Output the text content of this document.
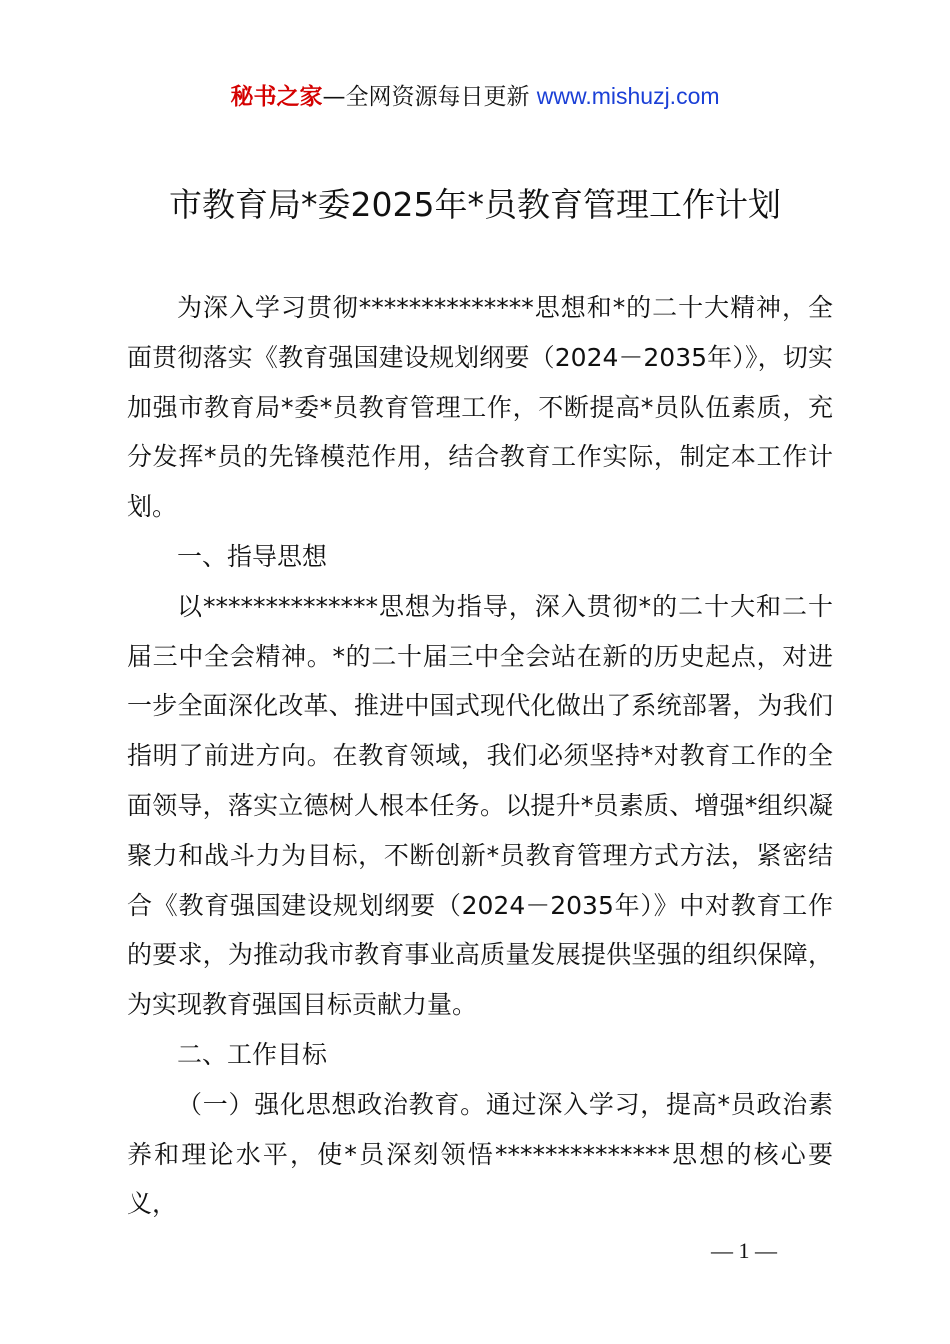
秘书之家—全网资源每日更新 www.mishuzj.com
市教育局*委2025年*员教育管理工作计划

为深入学习贯彻**************思想和*的二十大精神，全面贯彻落实《教育强国建设规划纲要（2024－2035年）》，切实加强市教育局*委*员教育管理工作，不断提高*员队伍素质，充分发挥*员的先锋模范作用，结合教育工作实际，制定本工作计划。

一、指导思想

以**************思想为指导，深入贯彻*的二十大和二十届三中全会精神。*的二十届三中全会站在新的历史起点，对进一步全面深化改革、推进中国式现代化做出了系统部署，为我们指明了前进方向。在教育领域，我们必须坚持*对教育工作的全面领导，落实立德树人根本任务。以提升*员素质、增强*组织凝聚力和战斗力为目标，不断创新*员教育管理方式方法，紧密结合《教育强国建设规划纲要（2024－2035年）》中对教育工作的要求，为推动我市教育事业高质量发展提供坚强的组织保障，为实现教育强国目标贡献力量。

二、工作目标

（一）强化思想政治教育。通过深入学习，提高*员政治素养和理论水平，使*员深刻领悟**************思想的核心要义，

— 1 —
